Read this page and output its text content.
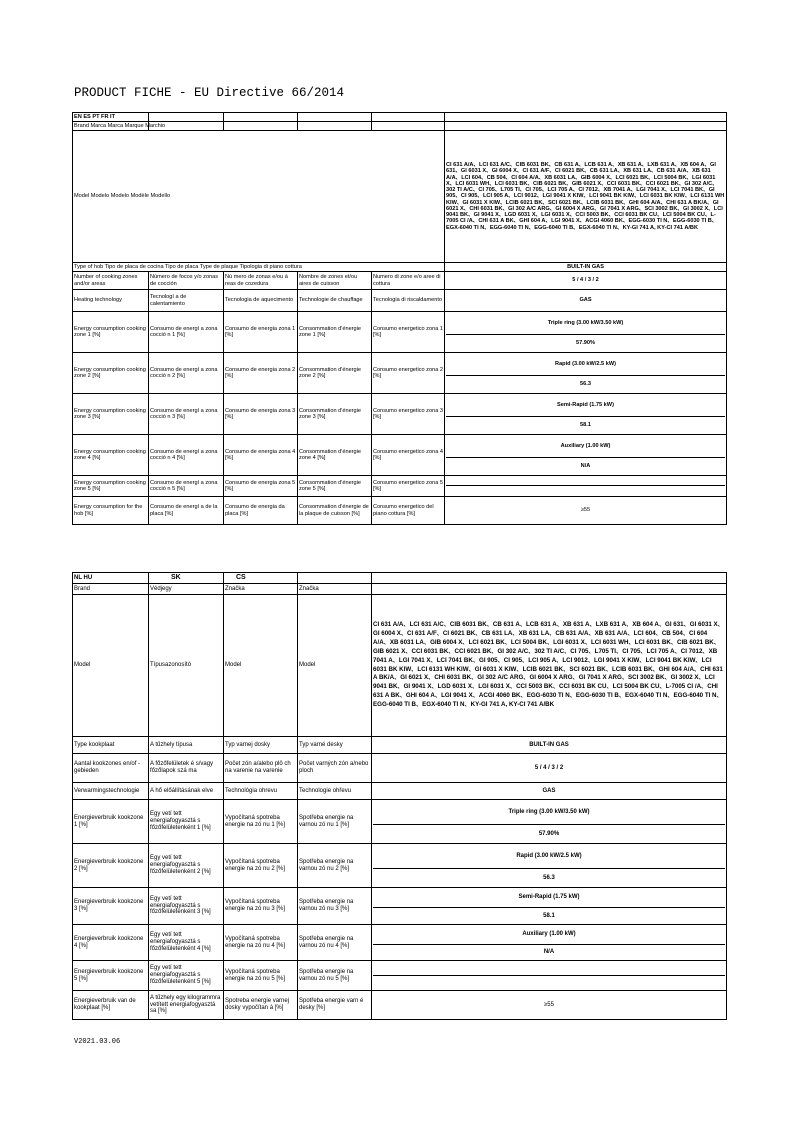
PRODUCT FICHE - EU Directive 66/2014
EN ES PT FR IT					
Brand Marca Marca Marque Marchio					
Model Modelo Modelo Modèle Modello					CI 631 A/A、LCI 631 A/C、CIB 6031 BK、CB 631 A、LCB 631 A、XB 631 A、LXB 631 A、XB 604 A、GI 631、GI 6031 X、GI 6004 X、CI 631 A/F、CI 6021 BK、CB 631 LA、XB 631 LA、CB 631 A/A、XB 631 A/A、LCI 604、CB 504、CI 604 A/A、XB 6031 LA、GIB 6004 X、LCI 6021 BK、LCI 5004 BK、LGI 6031 X、LCI 6031 WH、LCI 6031 BK、CIB 6021 BK、GIB 6021 X、CCI 6031 BK、CCI 6021 BK、GI 302 A/C、302 TI A/C、CI 705、L705 TI、CI 705、LCI 705 A、CI 7012、XB 7041 A、LGI 7041 X、LCI 7041 BK、GI 905、CI 905、LCI 905 A、LCI 9012、LGI 9041 X KIW、LCI 9041 BK KIW、LCI 6031 BK KIW、LCI 6131 WH KIW、GI 6031 X KIW、LCIB 6021 BK、SCI 6021 BK、LCIB 6031 BK、GHI 604 A/A、CHI 631 A BK/A、GI 6021 X、CHI 6031 BK、GI 302 A/C ARG、GI 6004 X ARG、GI 7041 X ARG、SCI 3002 BK、GI 3002 X、LCI 9041 BK、GI 9041 X、LGD 6031 X、LGI 6031 X、CCI 5003 BK、CCI 6031 BK CU、LCI 5004 BK CU、L-7005 CI /A、CHI 631 A BK、GHI 604 A、LGI 9041 X、ACGI 4060 BK、EGG-6030 TI N、EGG-6030 TI B、EGX-6040 TI N、EGG-6040 TI N、EGG-6040 TI B、EGX-6040 TI N、KY-GI 741 A, KY-CI 741 A/BK
Type of hob Tipo de placa de cocina Tipo de placa Type de plaque Tipologia di piano cottura					BUILT-IN GAS
Number of cooking zones and/or areas	Número de focos y/o zonas de cocción	Nú mero de zonas e/ou á reas de cozedura	Nombre de zones et/ou aires de cuisson	Numero di zone e/o aree di cottura	5 / 4 / 3 / 2
Heating technology	Tecnologí a de calentamiento	Tecnologia de aquecimento	Technologie de chauffage	Tecnologia di riscaldamento	GAS
Energy consumption cooking zone 1 [%]	Consumo de energí a zona cocció n 1 [%]	Consumo de energia zona 1 [%]	Consommation d'énergie zone 1 [%]	Consumo energetico zona 1 [%]	Triple ring (3.00 kW/3.50 kW)
57.90%

Energy consumption cooking zone 2 [%]	Consumo de energí a zona cocció n 2 [%]	Consumo de energia zona 2 [%]	Consommation d'énergie zone 2 [%]	Consumo energetico zona 2 [%]	Rapid (3.00 kW/2.5 kW)
56.3

Energy consumption cooking zone 3 [%]	Consumo de energí a zona cocció n 3 [%]	Consumo de energia zona 3 [%]	Consommation d'énergie zone 3 [%]	Consumo energetico zona 3 [%]	Semi-Rapid (1.75 kW)
58.1

Energy consumption cooking zone 4 [%]	Consumo de energí a zona cocció n 4 [%]	Consumo de energia zona 4 [%]	Consommation d'énergie zone 4 [%]	Consumo energetico zona 4 [%]	Auxiliary (1.00 kW)
N/A

Energy consumption cooking zone 5 [%]	Consumo de energí a zona cocció n 5 [%]	Consumo de energia zona 5 [%]	Consommation d'énergie zone 5 [%]	Consumo energetico zona 5 [%]	

Energy consumption for the hob [%]	Consumo de energí a de la placa [%]	Consumo de energia da placa [%]	Consommation d'énergie de la plaque de cuisson [%]	Consumo energetico del piano cottura [%]	≥55
NL HU	SK	CS		
Brand	Védjegy	Značka	Značka	
Model	Típusazonosító	Model	Model	CI 631 A/A、LCI 631 A/C、CIB 6031 BK、CB 631 A、LCB 631 A、XB 631 A、LXB 631 A、XB 604 A、GI 631、GI 6031 X、GI 6004 X、CI 631 A/F、CI 6021 BK、CB 631 LA、XB 631 LA、CB 631 A/A、XB 631 A/A、LCI 604、CB 504、CI 604 A/A、XB 6031 LA、GIB 6004 X、LCI 6021 BK、LCI 5004 BK、LGI 6031 X、LCI 6031 WH、LCI 6031 BK、CIB 6021 BK、GIB 6021 X、CCI 6031 BK、CCI 6021 BK、GI 302 A/C、302 TI A/C、CI 705、L705 TI、CI 705、LCI 705 A、CI 7012、XB 7041 A、LGI 7041 X、LCI 7041 BK、GI 905、CI 905、LCI 905 A、LCI 9012、LGI 9041 X KIW、LCI 9041 BK KIW、LCI 6031 BK KIW、LCI 6131 WH KIW、GI 6031 X KIW、LCIB 6021 BK、SCI 6021 BK、LCIB 6031 BK、GHI 604 A/A、CHI 631 A BK/A、GI 6021 X、CHI 6031 BK、GI 302 A/C ARG、GI 6004 X ARG、GI 7041 X ARG、SCI 3002 BK、GI 3002 X、LCI 9041 BK、GI 9041 X、LGD 6031 X、LGI 6031 X、CCI 5003 BK、CCI 6031 BK CU、LCI 5004 BK CU、L-7005 CI /A、CHI 631 A BK、GHI 604 A、LGI 9041 X、ACGI 4060 BK、EGG-6030 TI N、EGG-6030 TI B、EGX-6040 TI N、EGG-6040 TI N、EGG-6040 TI B、EGX-6040 TI N、KY-GI 741 A, KY-CI 741 A/BK
Type kookplaat	A tűzhely típusa	Typ varnej dosky	Typ varné desky	BUILT-IN GAS
Aantal kookzones en/of -gebieden	A főzőfelületek é s/vagy főzőlapok szá ma	Počet zón a/alebo plô ch na varenie na varenie	Počet varných zón a/nebo ploch	5 / 4 / 3 / 2
Verwarmingstechnologie	A hő előállításának elve	Technológia ohrevu	Technologie ohřevu	GAS
Energieverbruik kookzone 1 [%]	Egy vetí tett energiafogyasztá s főzőfelületenként 1 [%]	Vypočítaná spotreba energie na zó nu 1 [%]	Spotřeba energie na varnou zó nu 1 [%]	Triple ring (3.00 kW/3.50 kW)
57.90%

Energieverbruik kookzone 2 [%]	Egy vetí tett energiafogyasztá s főzőfelületenként 2 [%]	Vypočítaná spotreba energie na zó nu 2 [%]	Spotřeba energie na varnou zó nu 2 [%]	Rapid (3.00 kW/2.5 kW)
56.3

Energieverbruik kookzone 3 [%]	Egy vetí tett energiafogyasztá s főzőfelületenként 3 [%]	Vypočítaná spotreba energie na zó nu 3 [%]	Spotřeba energie na varnou zó nu 3 [%]	Semi-Rapid (1.75 kW)
58.1

Energieverbruik kookzone 4 [%]	Egy vetí tett energiafogyasztá s főzőfelületenként 4 [%]	Vypočítaná spotreba energie na zó nu 4 [%]	Spotřeba energie na varnou zó nu 4 [%]	Auxiliary (1.00 kW)
N/A

Energieverbruik kookzone 5 [%]	Egy vetí tett energiafogyasztá s főzőfelületenként 5 [%]	Vypočítaná spotreba energie na zó nu 5 [%]	Spotřeba energie na varnou zó nu 5 [%]	

Energieverbruik van de kookplaat [%]	A tűzhely egy kilogrammra vetített energiafogyasztá sa [%]	Spotreba energie varnej dosky vypočítan á [%]	Spotřeba energie varn é desky [%]	≥55
V2021.03.06
